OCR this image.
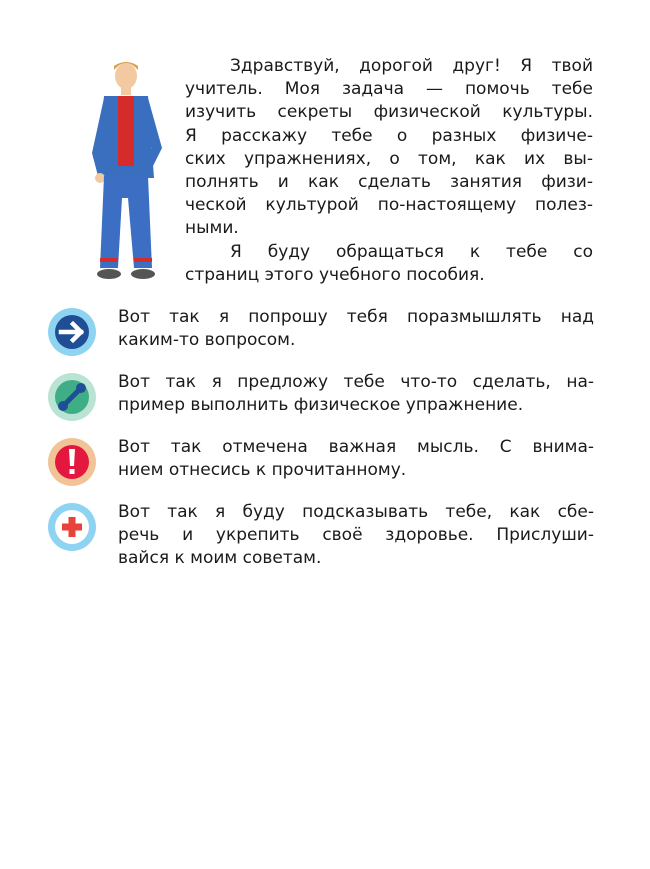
Здравствуй, дорогой друг! Я твой
учитель. Моя задача — помочь тебе
изучить секреты физической культуры.
Я расскажу тебе о разных физиче-
ских упражнениях, о том, как их вы-
полнять и как сделать занятия физи-
ческой культурой по-настоящему полез-
ными.
Я буду обращаться к тебе со
страниц этого учебного пособия.
Вот так я попрошу тебя поразмышлять над
каким-то вопросом.
Вот так я предложу тебе что-то сделать, на-
пример выполнить физическое упражнение.
Вот так отмечена важная мысль. С внима-
нием отнесись к прочитанному.
Вот так я буду подсказывать тебе, как сбе-
речь и укрепить своё здоровье. Прислуши-
вайся к моим советам.
